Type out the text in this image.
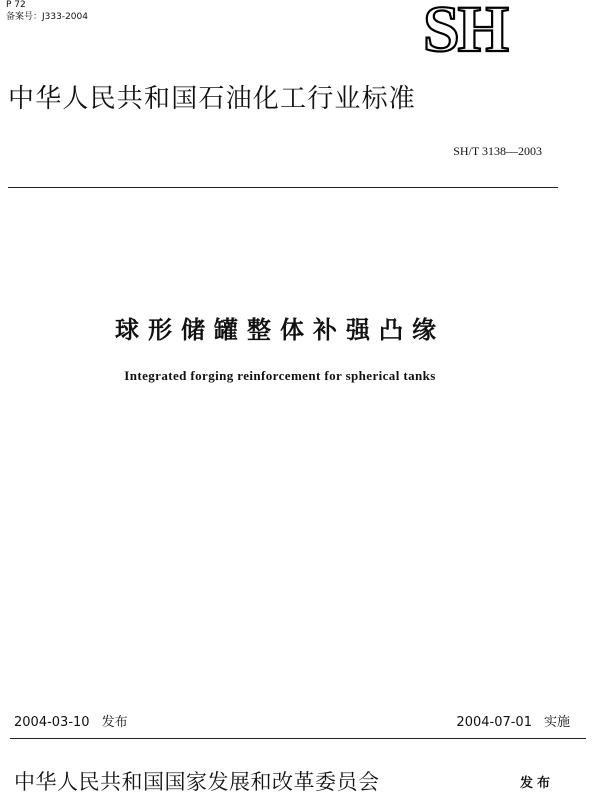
P 72
备案号：J333-2004	SH
中华人民共和国石油化工行业标准
SH/T 3138—2003
球形储罐整体补强凸缘
Integrated forging reinforcement for spherical tanks
2004-03-10 发布	2004-07-01 实施
中华人民共和国国家发展和改革委员会	发布
